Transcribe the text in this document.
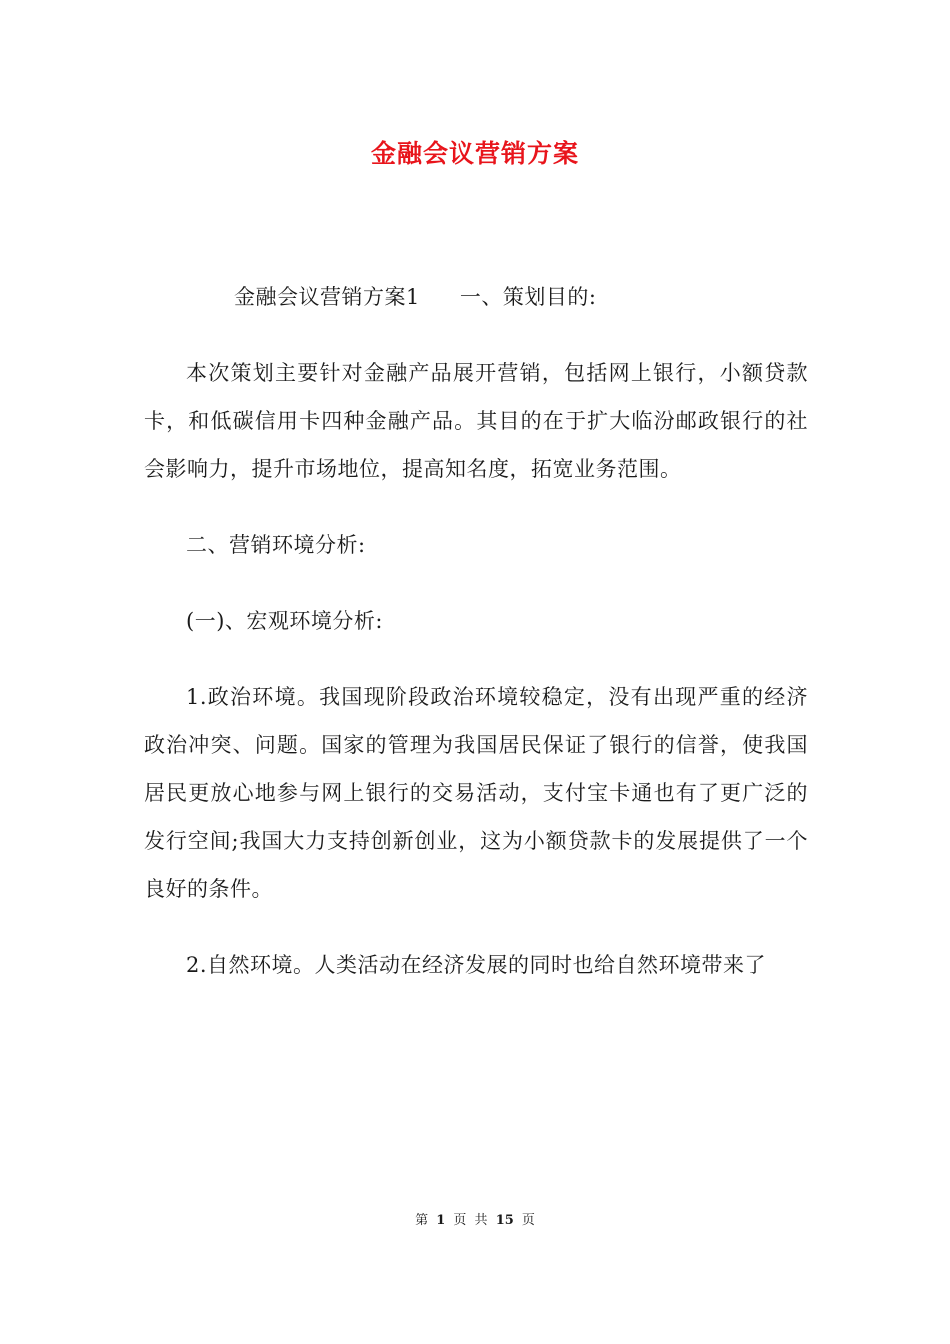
金融会议营销方案

金融会议营销方案1 一、策划目的:

本次策划主要针对金融产品展开营销，包括网上银行，小额贷款卡，和低碳信用卡四种金融产品。其目的在于扩大临汾邮政银行的社会影响力，提升市场地位，提高知名度，拓宽业务范围。

二、营销环境分析:

(一)、宏观环境分析:

1.政治环境。我国现阶段政治环境较稳定，没有出现严重的经济政治冲突、问题。国家的管理为我国居民保证了银行的信誉，使我国居民更放心地参与网上银行的交易活动，支付宝卡通也有了更广泛的发行空间;我国大力支持创新创业，这为小额贷款卡的发展提供了一个良好的条件。

2.自然环境。人类活动在经济发展的同时也给自然环境带来了

第 1 页 共 15 页
